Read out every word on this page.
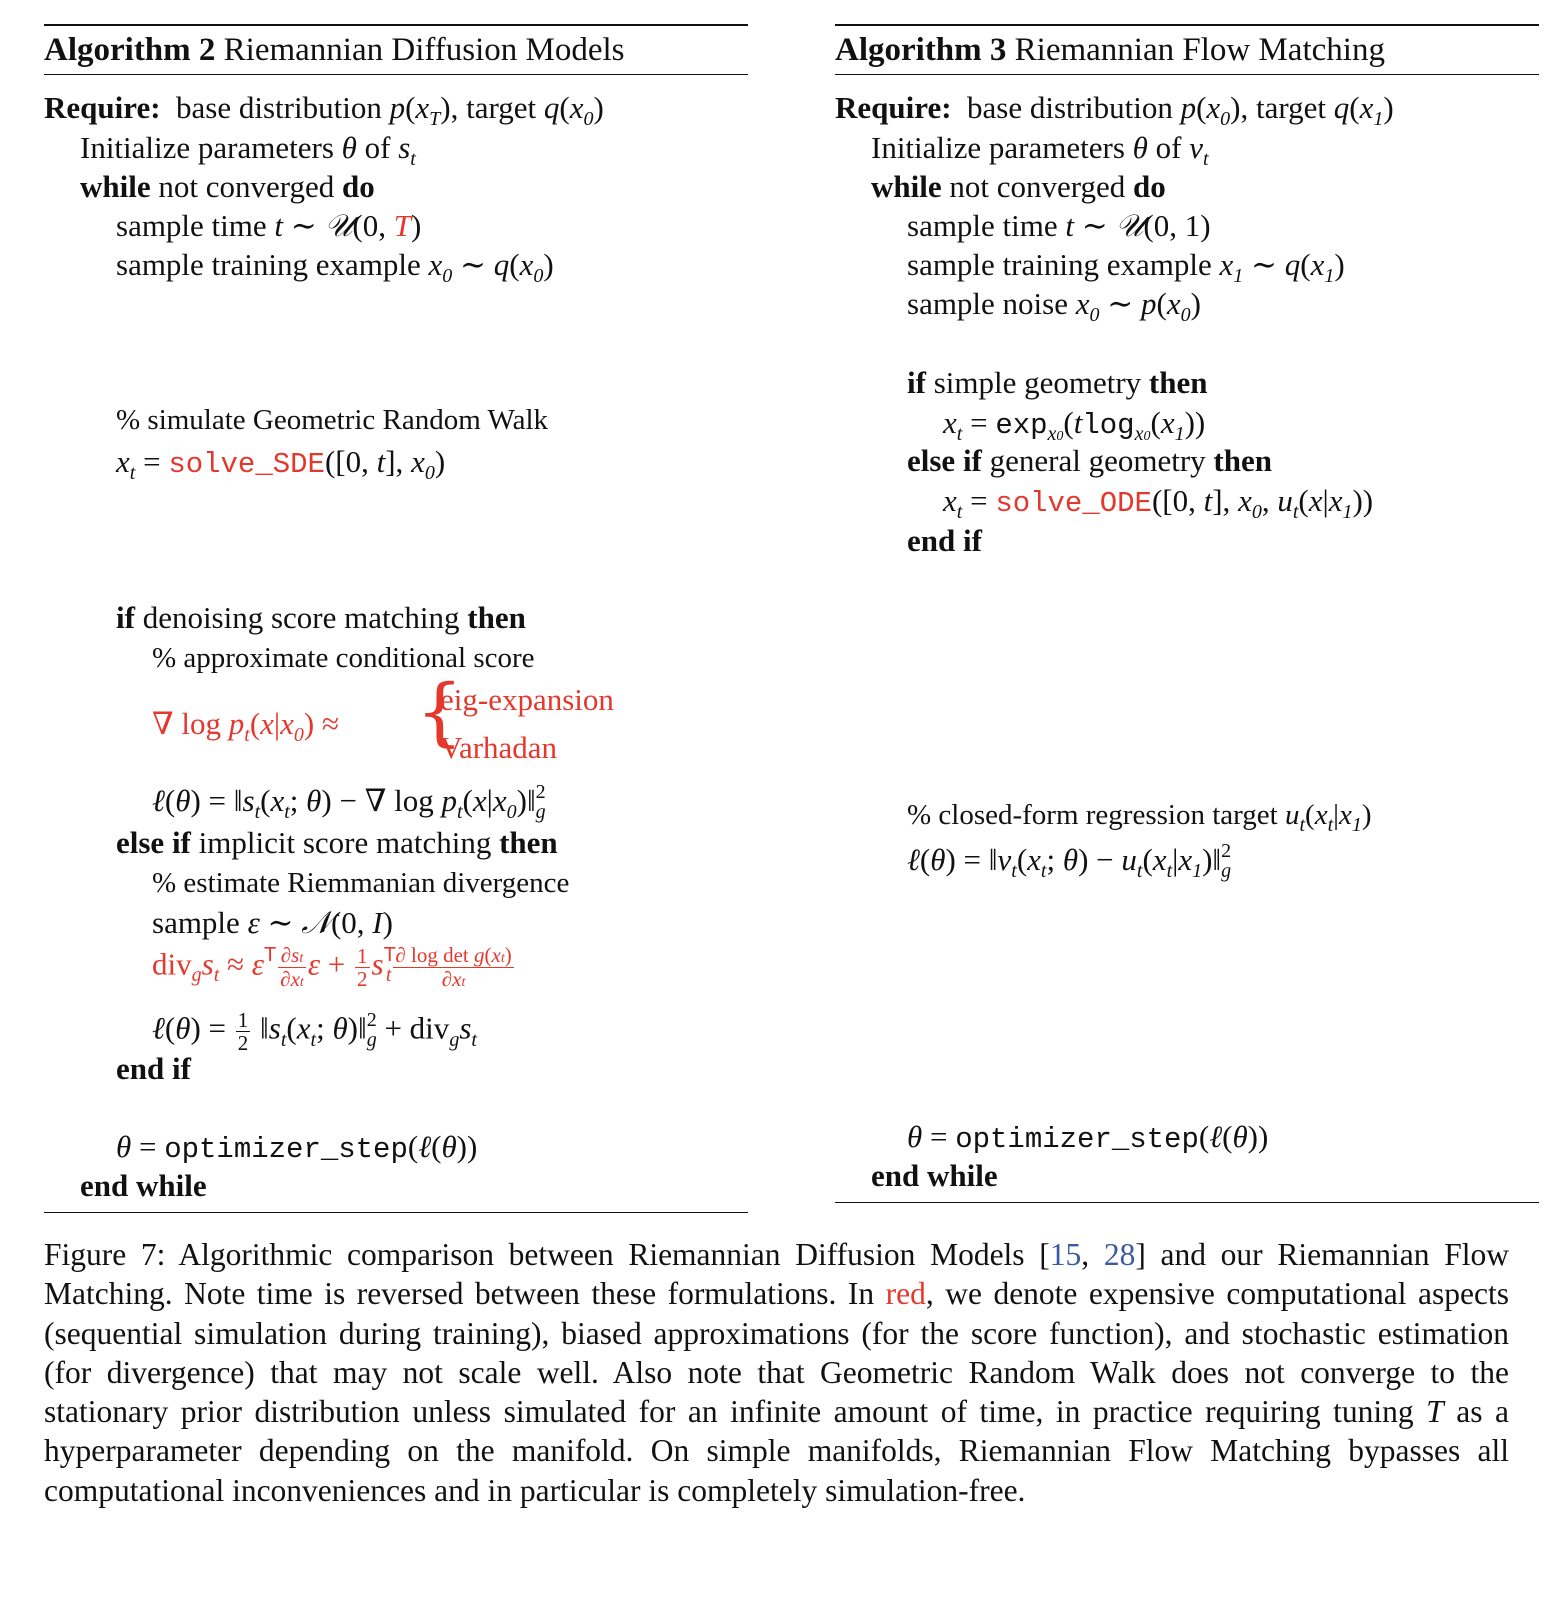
Algorithm 2 Riemannian Diffusion Models
Require:  base distribution $p(x_T)$, target $q(x_0)$
Initialize parameters θ of $s_t$
while not converged do
sample time t ∼ 𝒰(0, T)
sample training example $x_0$ ∼ $q(x_0)$
% simulate Geometric Random Walk
$x_t$ = solve_SDE([0, t], $x_0$)
if denoising score matching then
% approximate conditional score
∇ $\log p_t(x|x_0)$ ≈ {
eig-expansion
Varhadan
ℓ(θ) = $‖s_t(x_t$; θ) − ∇ $\log p_t(x|x_0)‖^2_g$
else if implicit score matching then
% estimate Riemmanian divergence
sample ε ∼ 𝒩(0, I)
$div_gs_t \approx \varepsilon^T \frac{\partial st}{\partial xt}$ $\varepsilon + \frac{1}{2} s^T_t \frac{\text{∂ log det g(xt)}}{\partial xt}$
ℓ(θ) = $\frac{1}{2}$ $‖s_t(x_t$; θ)‖$^2_g$ + $div_gs_t$
end if
θ = optimizer_step(ℓ(θ))
end while
Algorithm 3 Riemannian Flow Matching
Require:  base distribution $p(x_0)$, target $q(x_1)$
Initialize parameters θ of $v_t$
while not converged do
sample time t ∼ 𝒰(0, 1)
sample training example $x_1$ ∼ $q(x_1)$
sample noise $x_0$ ∼ $p(x_0)$
if simple geometry then
$x_t = \exp_{x0}(tlog_{x0}(x_1))$
else if general geometry then
$x_t$ = solve_ODE([0, t], $x_0$, $u_t(x|x_1)$)
end if
% closed-form regression target $u_t(x_t|x_1)$
ℓ(θ) = $‖v_t(x_t$; $\theta) - u_t(x_t|x_1)‖^2_g$
θ = optimizer_step(ℓ(θ))
end while

Figure 7: Algorithmic comparison between Riemannian Diffusion Models [15, 28] and our Riemannian Flow Matching. Note time is reversed between these formulations. In red, we denote expensive computational aspects (sequential simulation during training), biased approximations (for the score function), and stochastic estimation (for divergence) that may not scale well. Also note that Geometric Random Walk does not converge to the stationary prior distribution unless simulated for an infinite amount of time, in practice requiring tuning T as a hyperparameter depending on the manifold. On simple manifolds, Riemannian Flow Matching bypasses all computational inconveniences and in particular is completely simulation-free.
